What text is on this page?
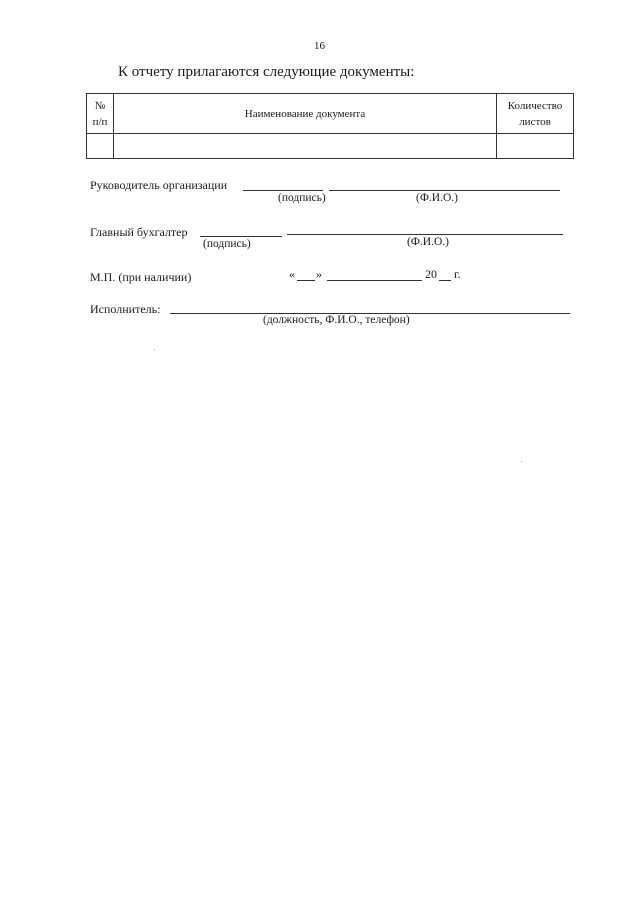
16
К отчету прилагаются следующие документы:
№ п/п	Наименование документа	Количество листов

Руководитель организации
(подпись)	(Ф.И.О.)
Главный бухгалтер
(подпись)	(Ф.И.О.)
М.П. (при наличии)	« »	20 г.
Исполнитель:
(должность, Ф.И.О., телефон)
